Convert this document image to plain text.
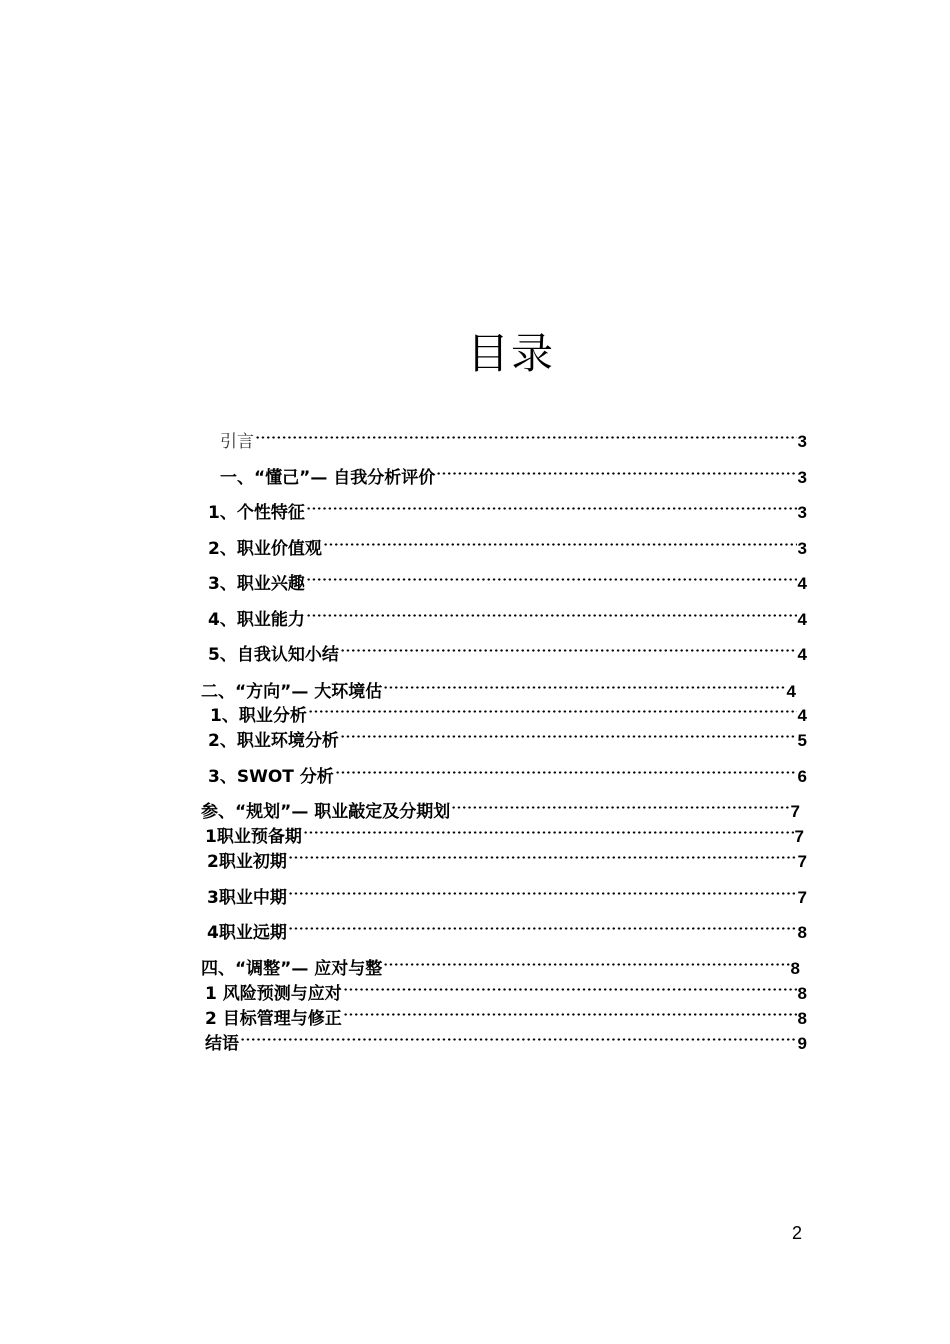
目录
引言	3
一、“懂己”— 自我分析评价	3
1、个性特征	3
2、职业价值观	3
3、职业兴趣	4
4、职业能力	4
5、自我认知小结	4
二、“方向”— 大环境估	4
1、职业分析	4
2、职业环境分析	5
3、SWOT 分析	6
参、“规划”— 职业敲定及分期划	7
1职业预备期	7
2职业初期	7
3职业中期	7
4职业远期	8
四、“调整”— 应对与整	8
1 风险预测与应对	8
2 目标管理与修正	8
结语	9
2
